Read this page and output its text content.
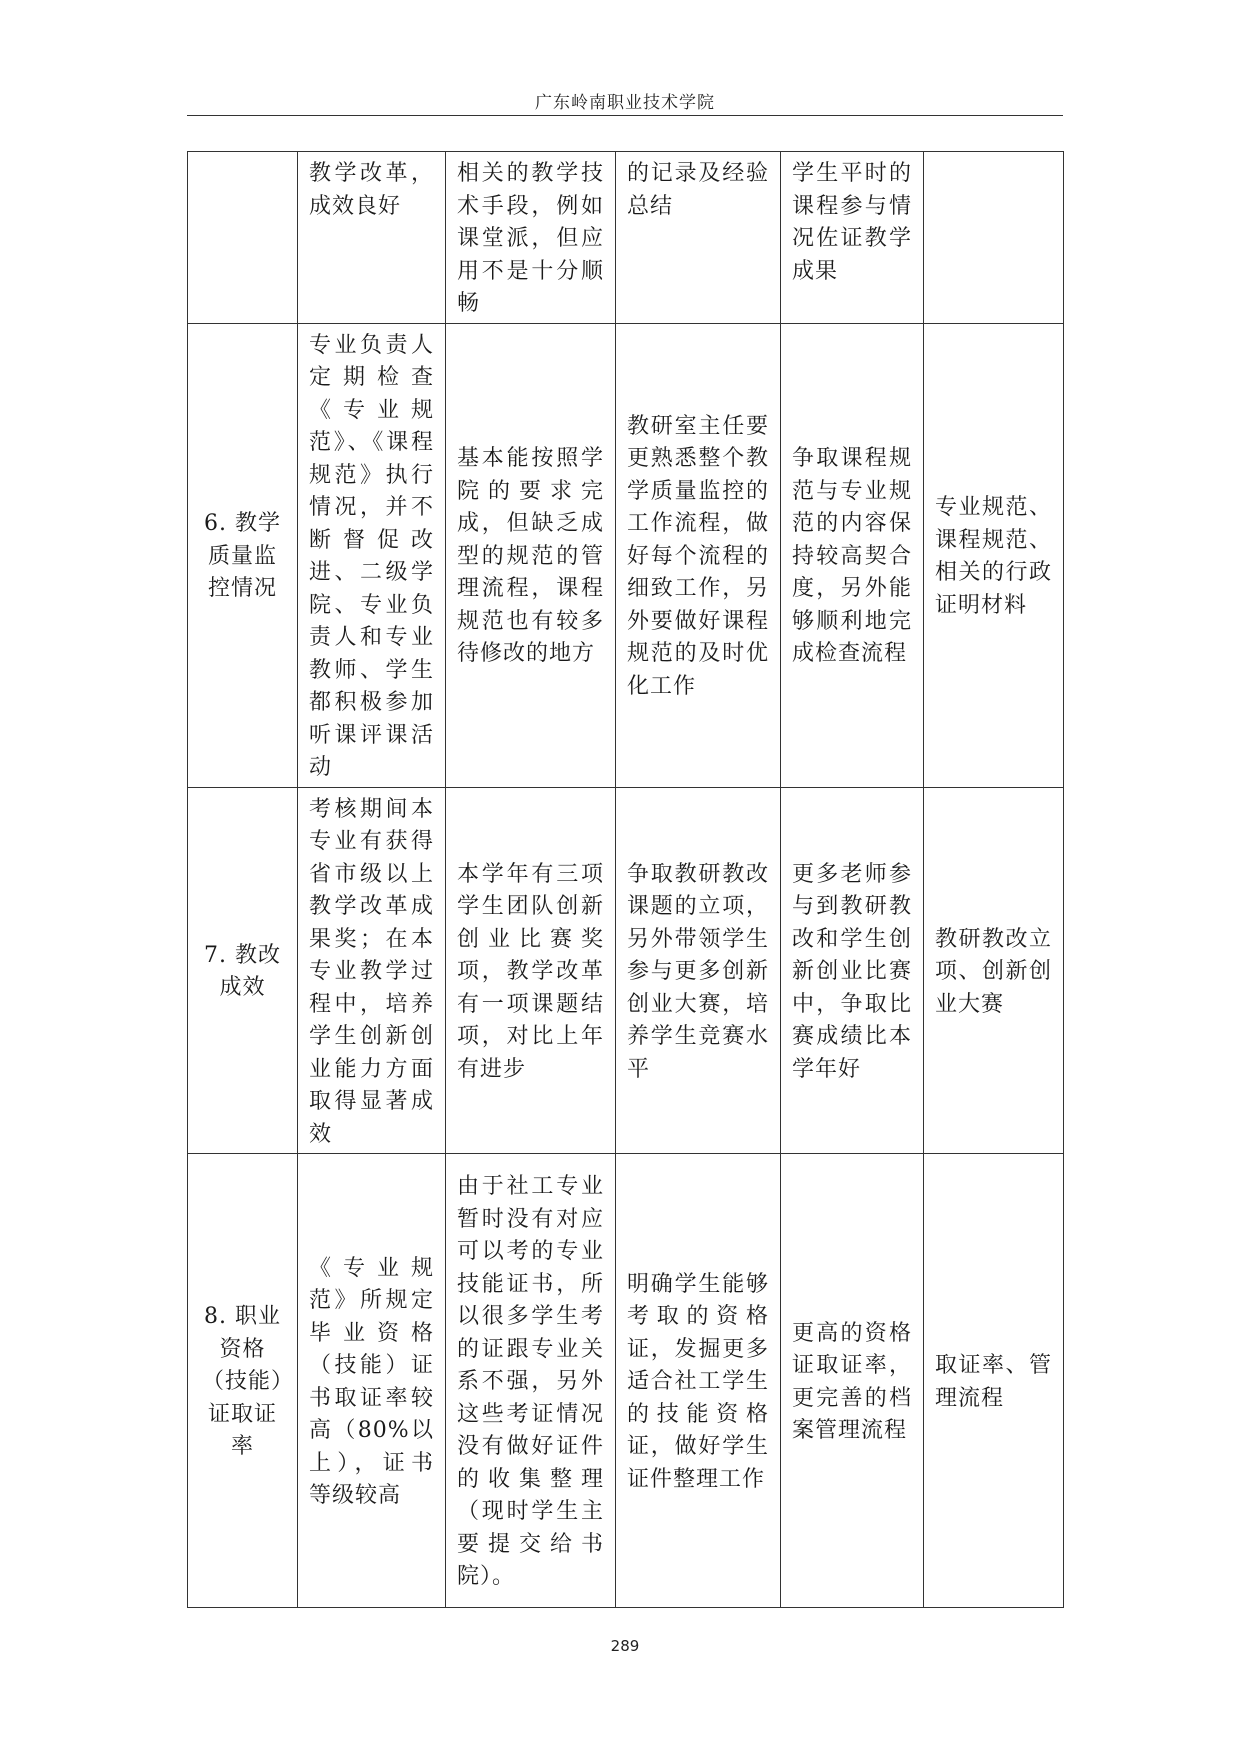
广东岭南职业技术学院

	教学改革，成效良好	相关的教学技术手段，例如课堂派，但应用不是十分顺畅	的记录及经验总结	学生平时的课程参与情况佐证教学成果	

6. 教学质量监控情况	专业负责人定期检查《专业规范》、《课程规范》执行情况，并不断督促改进、二级学院、专业负责人和专业教师、学生都积极参加听课评课活动	基本能按照学院的要求完成，但缺乏成型的规范的管理流程，课程规范也有较多待修改的地方	教研室主任要更熟悉整个教学质量监控的工作流程，做好每个流程的细致工作，另外要做好课程规范的及时优化工作	争取课程规范与专业规范的内容保持较高契合度，另外能够顺利地完成检查流程	专业规范、课程规范、相关的行政证明材料

7. 教改成效	考核期间本专业有获得省市级以上教学改革成果奖；在本专业教学过程中，培养学生创新创业能力方面取得显著成效	本学年有三项学生团队创新创业比赛奖项，教学改革有一项课题结项，对比上年有进步	争取教研教改课题的立项，另外带领学生参与更多创新创业大赛，培养学生竞赛水平	更多老师参与到教研教改和学生创新创业比赛中，争取比赛成绩比本学年好	教研教改立项、创新创业大赛

8. 职业资格（技能）证取证率	《专业规范》所规定毕业资格（技能）证书取证率较高（80%以上），证书等级较高	由于社工专业暂时没有对应可以考的专业技能证书，所以很多学生考的证跟专业关系不强，另外这些考证情况没有做好证件的收集整理（现时学生主要提交给书院）。	明确学生能够考取的资格证，发掘更多适合社工学生的技能资格证，做好学生证件整理工作	更高的资格证取证率，更完善的档案管理流程	取证率、管理流程
289
